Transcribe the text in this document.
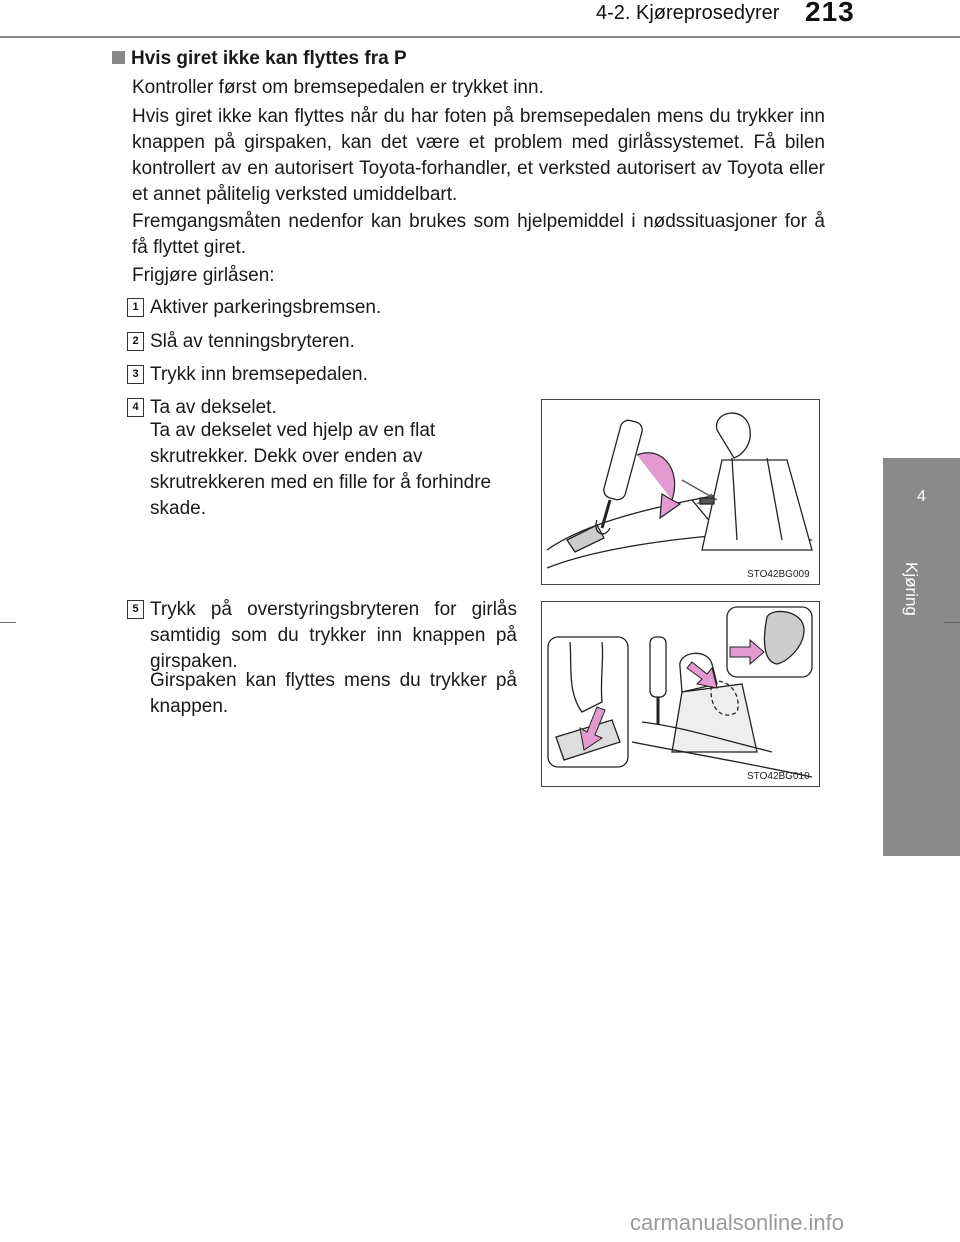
4-2. Kjøreprosedyrer 213
4
Kjøring
Hvis giret ikke kan flyttes fra P

Kontroller først om bremsepedalen er trykket inn.

Hvis giret ikke kan flyttes når du har foten på bremsepedalen mens du trykker inn knappen på girspaken, kan det være et problem med girlåssystemet. Få bilen kontrollert av en autorisert Toyota-forhandler, et verksted autorisert av Toyota eller et annet pålitelig verksted umiddelbart.

Fremgangsmåten nedenfor kan brukes som hjelpemiddel i nødssituasjoner for å få flyttet giret.

Frigjøre girlåsen:

1 Aktiver parkeringsbremsen.

2 Slå av tenningsbryteren.

3 Trykk inn bremsepedalen.

4 Ta av dekselet.

Ta av dekselet ved hjelp av en flat skrutrekker. Dekk over enden av skrutrekkeren med en fille for å forhindre skade.

STO42BG009
5 Trykk på overstyringsbryteren for girlås samtidig som du trykker inn knappen på girspaken.

Girspaken kan flyttes mens du trykker på knappen.

STO42BG010
carmanualsonline.info
